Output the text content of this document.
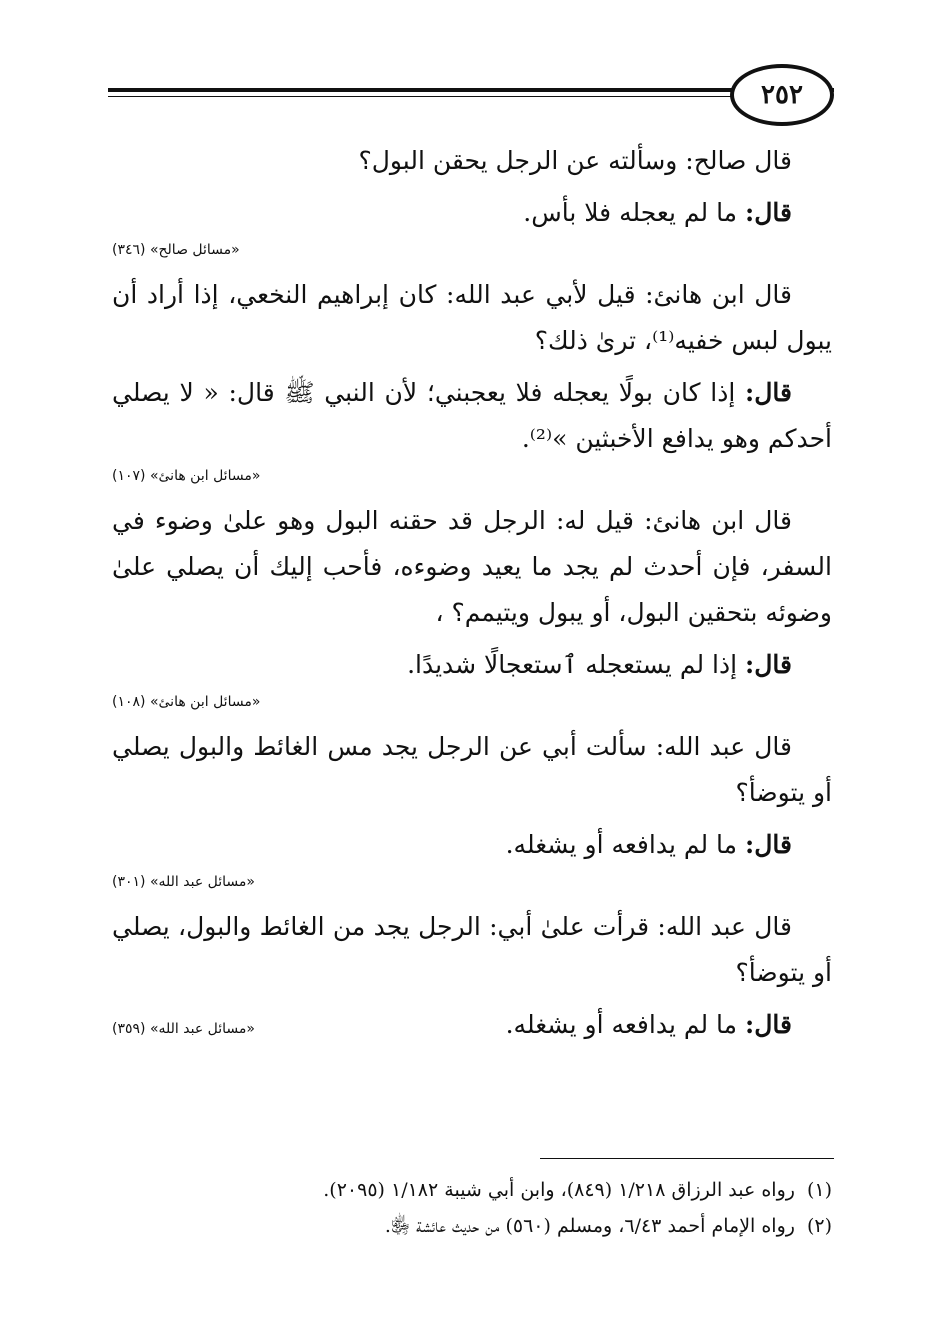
٢٥٢

قال صالح: وسألته عن الرجل يحقن البول؟

قال: ما لم يعجله فلا بأس.

«مسائل صالح» (٣٤٦)

قال ابن هانئ: قيل لأبي عبد الله: كان إبراهيم النخعي، إذا أراد أن يبول لبس خفيه⁽¹⁾، ترىٰ ذلك؟

قال: إذا كان بولًا يعجله فلا يعجبني؛ لأن النبي ﷺ قال: « لا يصلي أحدكم وهو يدافع الأخبثين »⁽²⁾.

«مسائل ابن هانئ» (١٠٧)

قال ابن هانئ: قيل له: الرجل قد حقنه البول وهو علىٰ وضوء في السفر، فإن أحدث لم يجد ما يعيد وضوءه، فأحب إليك أن يصلي علىٰ وضوئه بتحقين البول، أو يبول ويتيمم؟ ،

قال: إذا لم يستعجله ٱستعجالًا شديدًا.

«مسائل ابن هانئ» (١٠٨)

قال عبد الله: سألت أبي عن الرجل يجد مس الغائط والبول يصلي أو يتوضأ؟

قال: ما لم يدافعه أو يشغله.

«مسائل عبد الله» (٣٠١)

قال عبد الله: قرأت علىٰ أبي: الرجل يجد من الغائط والبول، يصلي أو يتوضأ؟

قال: ما لم يدافعه أو يشغله.

«مسائل عبد الله» (٣٥٩)
(١)رواه عبد الرزاق ١/٢١٨ (٨٤٩)، وابن أبي شيبة ١/١٨٢ (٢٠٩٥).
(٢)رواه الإمام أحمد ٦/٤٣، ومسلم (٥٦٠) من حديث عائشة ﵂.
